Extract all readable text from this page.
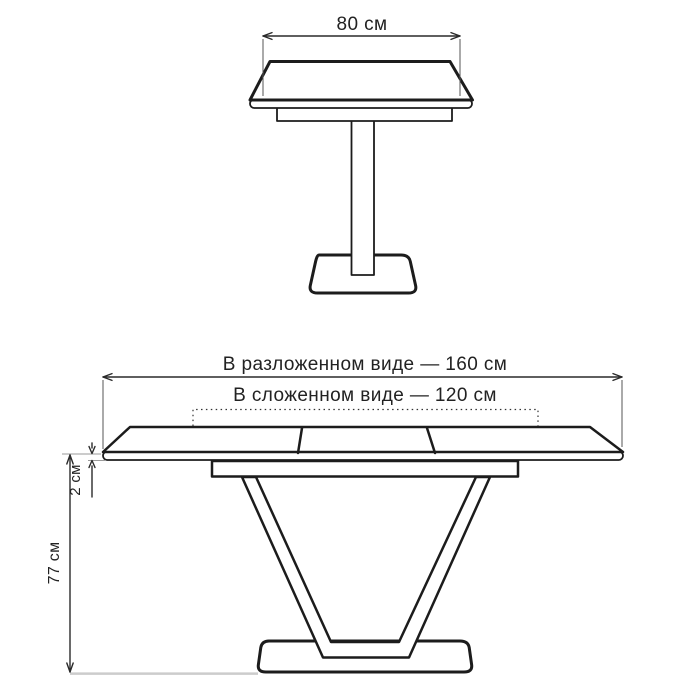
80 см
В разложенном виде — 160 см
В сложенном виде — 120 см
77 см
2 см
